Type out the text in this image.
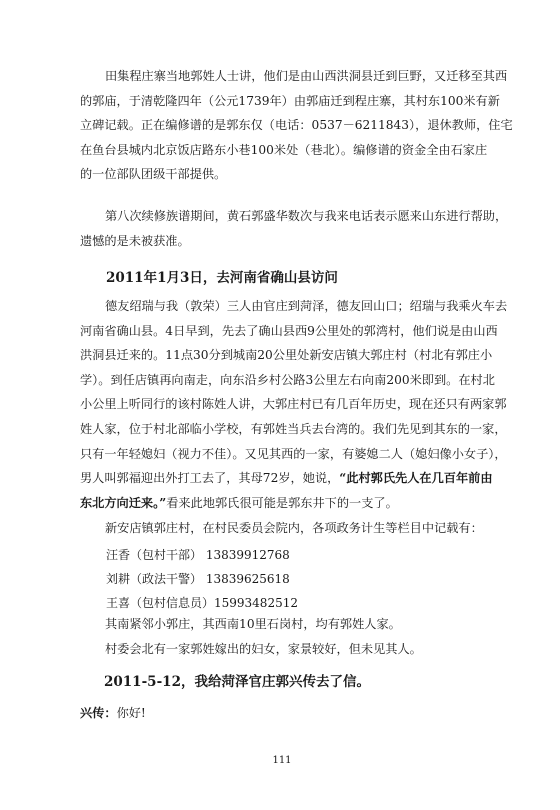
田集程庄寨当地郭姓人士讲，他们是由山西洪洞县迁到巨野，又迁移至其西
的郭庙，于清乾隆四年（公元1739年）由郭庙迁到程庄寨，其村东100米有新
立碑记载。正在编修谱的是郭东仅（电话：0537－6211843），退休教师，住宅
在鱼台县城内北京饭店路东小巷100米处（巷北）。编修谱的资金全由石家庄
的一位部队团级干部提供。
第八次续修族谱期间，黄石郭盛华数次与我来电话表示愿来山东进行帮助，
遗憾的是未被获准。
2011年1月3日，去河南省确山县访问
德友绍瑞与我（敦荣）三人由官庄到菏泽，德友回山口；绍瑞与我乘火车去
河南省确山县。4日早到，先去了确山县西9公里处的郭湾村，他们说是由山西
洪洞县迁来的。11点30分到城南20公里处新安店镇大郭庄村（村北有郭庄小
学）。到任店镇再向南走，向东沿乡村公路3公里左右向南200米即到。在村北
小公里上听同行的该村陈姓人讲，大郭庄村已有几百年历史，现在还只有两家郭
姓人家，位于村北部临小学校，有郭姓当兵去台湾的。我们先见到其东的一家，
只有一年轻媳妇（视力不佳）。又见其西的一家，有婆媳二人（媳妇像小女子），
男人叫郭福迎出外打工去了，其母72岁，她说，“此村郭氏先人在几百年前由
东北方向迁来。”看来此地郭氏很可能是郭东井下的一支了。
新安店镇郭庄村，在村民委员会院内，各项政务计生等栏目中记载有：

汪香（包村干部） 13839912768

刘耕（政法干警） 13839625618

王喜（包村信息员）15993482512

其南紧邻小郭庄，其西南10里石岗村，均有郭姓人家。
村委会北有一家郭姓嫁出的妇女，家景较好，但未见其人。
2011-5-12，我给菏泽官庄郭兴传去了信。

兴传：你好!

111
